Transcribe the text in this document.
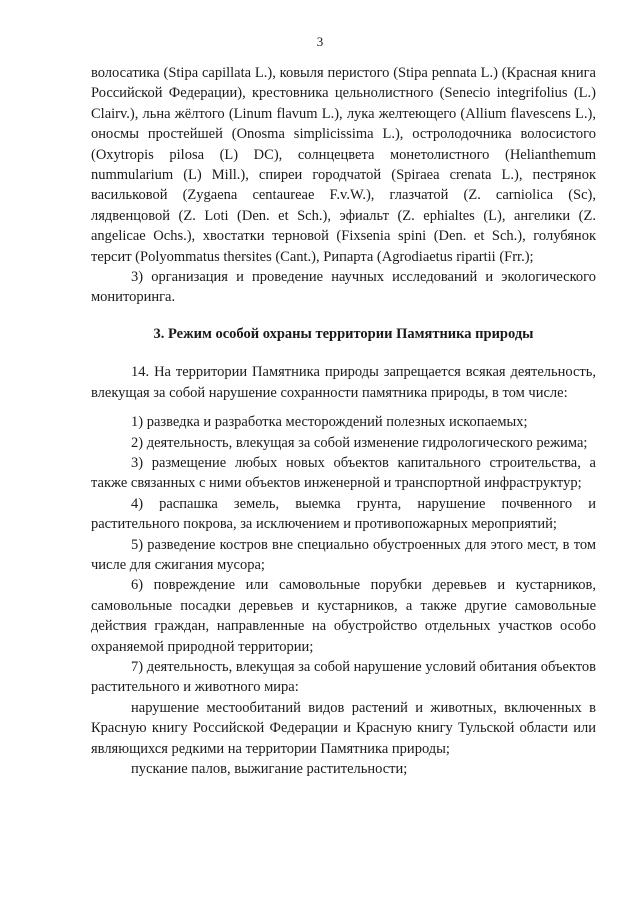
3

волосатика (Stipa capillata L.), ковыля перистого (Stipa pennata L.) (Красная книга Российской Федерации), крестовника цельнолистного (Senecio integrifolius (L.) Clairv.), льна жёлтого (Linum flavum L.), лука желтеющего (Allium flavescens L.), оносмы простейшей (Onosma simplicissima L.), остролодочника волосистого (Oxytropis pilosa (L) DC), солнцецвета монетолистного (Helianthemum nummularium (L) Mill.), спиреи городчатой (Spiraea crenata L.), пестрянок васильковой (Zygaena centaureae F.v.W.), глазчатой (Z. carniolica (Sc), лядвенцовой (Z. Loti (Den. et Sch.), эфиальт (Z. ephialtes (L), ангелики (Z. angelicae Ochs.), хвостатки терновой (Fixsenia spini (Den. et Sch.), голубянок терсит (Polyommatus thersites (Cant.), Рипарта (Agrodiaetus ripartii (Frr.);

3) организация и проведение научных исследований и экологического мониторинга.

3. Режим особой охраны территории Памятника природы

14. На территории Памятника природы запрещается всякая деятельность, влекущая за собой нарушение сохранности памятника природы, в том числе:

1) разведка и разработка месторождений полезных ископаемых;

2) деятельность, влекущая за собой изменение гидрологического режима;

3) размещение любых новых объектов капитального строительства, а также связанных с ними объектов инженерной и транспортной инфраструктур;

4) распашка земель, выемка грунта, нарушение почвенного и растительного покрова, за исключением и противопожарных мероприятий;

5) разведение костров вне специально обустроенных для этого мест, в том числе для сжигания мусора;

6) повреждение или самовольные порубки деревьев и кустарников, самовольные посадки деревьев и кустарников, а также другие самовольные действия граждан, направленные на обустройство отдельных участков особо охраняемой природной территории;

7) деятельность, влекущая за собой нарушение условий обитания объектов растительного и животного мира:

нарушение местообитаний видов растений и животных, включенных в Красную книгу Российской Федерации и Красную книгу Тульской области или являющихся редкими на территории Памятника природы;

пускание палов, выжигание растительности;
